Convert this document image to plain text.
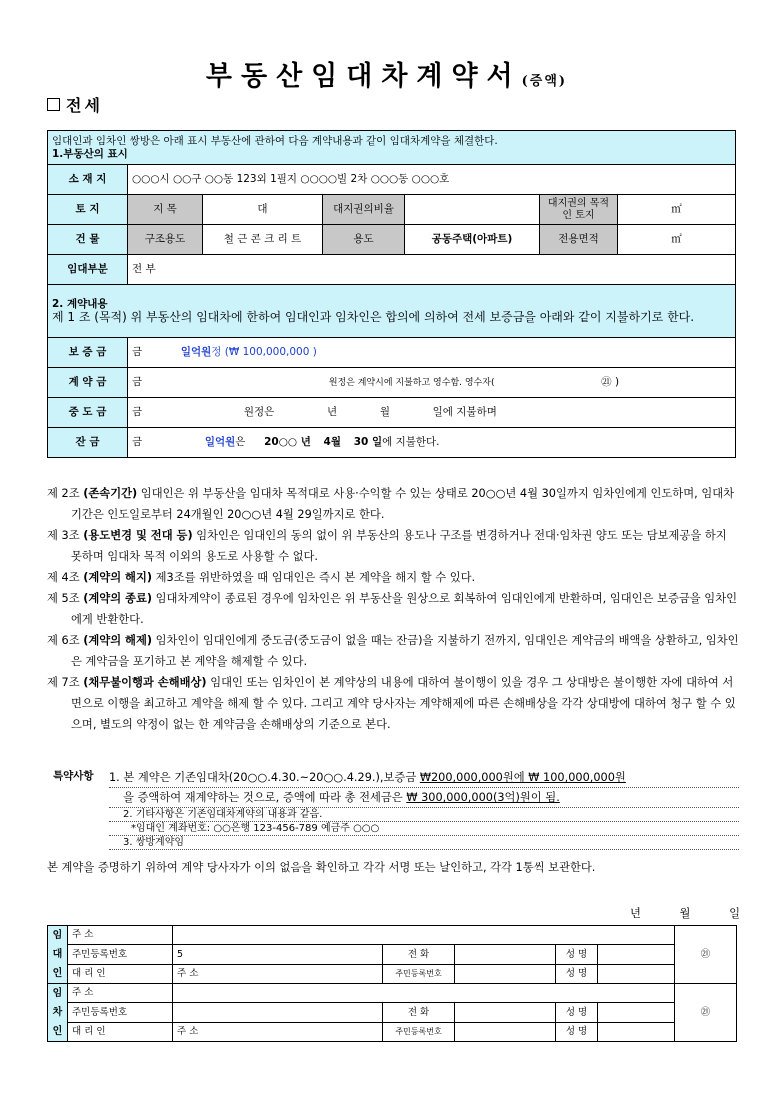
부동산임대차계약서(증액)
전세
임대인과 임차인 쌍방은 아래 표시 부동산에 관하여 다음 계약내용과 같이 임대차계약을 체결한다.
1.부동산의 표시						

소 재 지	○○○시 ○○구 ○○동 123외 1필지 ○○○○빌 2차 ○○○동 ○○○호					
토 지	지 목	대	대지권의비율		대지권의 목적인 토지	㎡
건 물	구조용도	철 근 콘 크 리 트	용도	공동주택(아파트)	전용면적	㎡
임대부분	전 부					

2. 계약내용
제 1 조 (목적) 위 부동산의 임대차에 한하여 임대인과 임차인은 합의에 의하여 전세 보증금을 아래와 같이 지불하기로 한다.						

보 증 금	금 일억원정 (₩ 100,000,000 )					
계 약 금	금 원정은 계약시에 지불하고 영수함. 영수자( ㉑ )					
중 도 금	금 원정은 년 월 일에 지불하며					
잔 금	금 일억원은 20○○ 년 4월 30 일에 지불한다.					
제 2조 (존속기간) 임대인은 위 부동산을 임대차 목적대로 사용·수익할 수 있는 상태로 20○○년 4월 30일까지 임차인에게 인도하며, 임대차 기간은 인도일로부터 24개월인 20○○년 4월 29일까지로 한다.
제 3조 (용도변경 및 전대 등) 임차인은 임대인의 동의 없이 위 부동산의 용도나 구조를 변경하거나 전대·임차권 양도 또는 담보제공을 하지 못하며 임대차 목적 이외의 용도로 사용할 수 없다.
제 4조 (계약의 해지) 제3조를 위반하였을 때 임대인은 즉시 본 계약을 해지 할 수 있다.
제 5조 (계약의 종료) 임대차계약이 종료된 경우에 임차인은 위 부동산을 원상으로 회복하여 임대인에게 반환하며, 임대인은 보증금을 임차인에게 반환한다.
제 6조 (계약의 해제) 임차인이 임대인에게 중도금(중도금이 없을 때는 잔금)을 지불하기 전까지, 임대인은 계약금의 배액을 상환하고, 임차인은 계약금을 포기하고 본 계약을 해제할 수 있다.
제 7조 (채무불이행과 손해배상) 임대인 또는 임차인이 본 계약상의 내용에 대하여 불이행이 있을 경우 그 상대방은 불이행한 자에 대하여 서면으로 이행을 최고하고 계약을 해제 할 수 있다. 그리고 계약 당사자는 계약해제에 따른 손해배상을 각각 상대방에 대하여 청구 할 수 있으며, 별도의 약정이 없는 한 계약금을 손해배상의 기준으로 본다.
특약사항 1. 본 계약은 기존임대차(20○○.4.30.~20○○.4.29.),보증금 ₩200,000,000원에 ₩ 100,000,000원
을 증액하여 재계약하는 것으로, 증액에 따라 총 전세금은 ₩ 300,000,000(3억)원이 됨.
2. 기타사항은 기존임대차계약의 내용과 같음.
*임대인 계좌번호: ○○은행 123-456-789 예금주 ○○○
3. 쌍방계약임
본 계약을 증명하기 위하여 계약 당사자가 이의 없음을 확인하고 각각 서명 또는 날인하고, 각각 1통씩 보관한다.
년	월	일
임
대
인	주 소						㉑
	주민등록번호	5	전 화		성 명		
	대 리 인	주 소	주민등록번호		성 명		
임
차
인	주 소						㉑
	주민등록번호		전 화		성 명		
	대 리 인	주 소	주민등록번호		성 명		
